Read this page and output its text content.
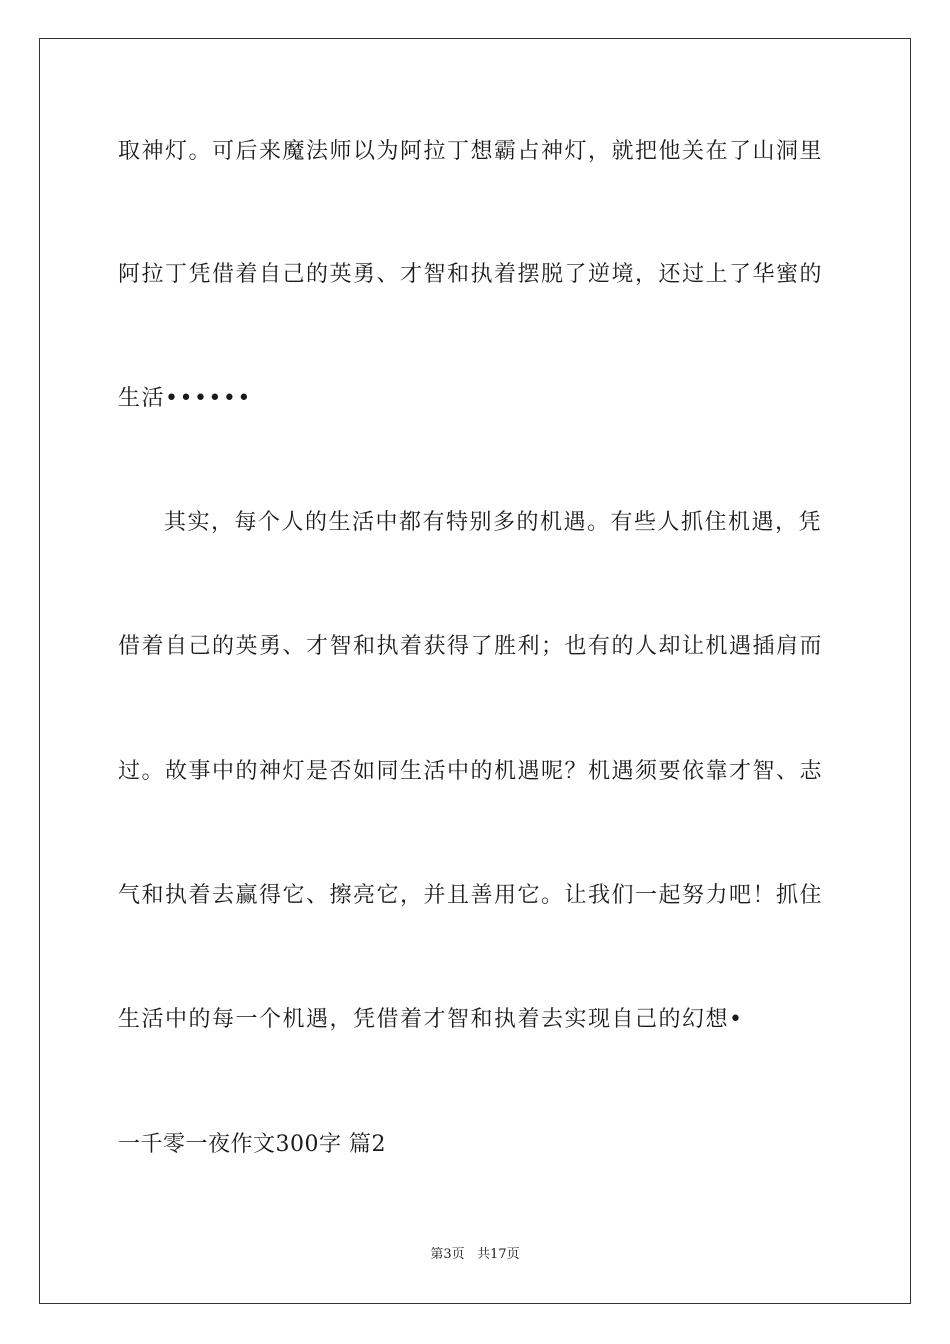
取神灯。可后来魔法师以为阿拉丁想霸占神灯，就把他关在了山洞里
阿拉丁凭借着自己的英勇、才智和执着摆脱了逆境，还过上了华蜜的
生活••••••
其实，每个人的生活中都有特别多的机遇。有些人抓住机遇，凭
借着自己的英勇、才智和执着获得了胜利；也有的人却让机遇插肩而
过。故事中的神灯是否如同生活中的机遇呢？机遇须要依靠才智、志
气和执着去赢得它、擦亮它，并且善用它。让我们一起努力吧！抓住
生活中的每一个机遇，凭借着才智和执着去实现自己的幻想•
一千零一夜作文300字 篇2
第3页   共17页
